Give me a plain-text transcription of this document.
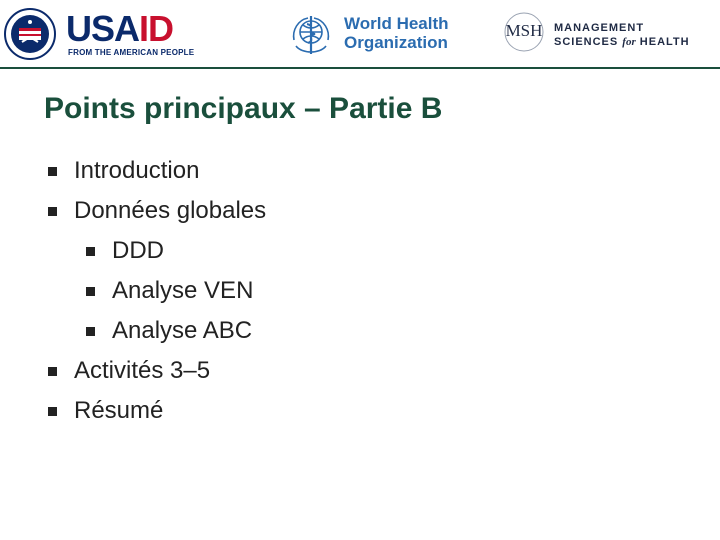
USAID
FROM THE AMERICAN PEOPLE
World Health
Organization
MSH MANAGEMENT
SCIENCES for HEALTH
Points principaux – Partie B
Introduction
Données globales
DDD
Analyse VEN
Analyse ABC
Activités 3–5
Résumé
